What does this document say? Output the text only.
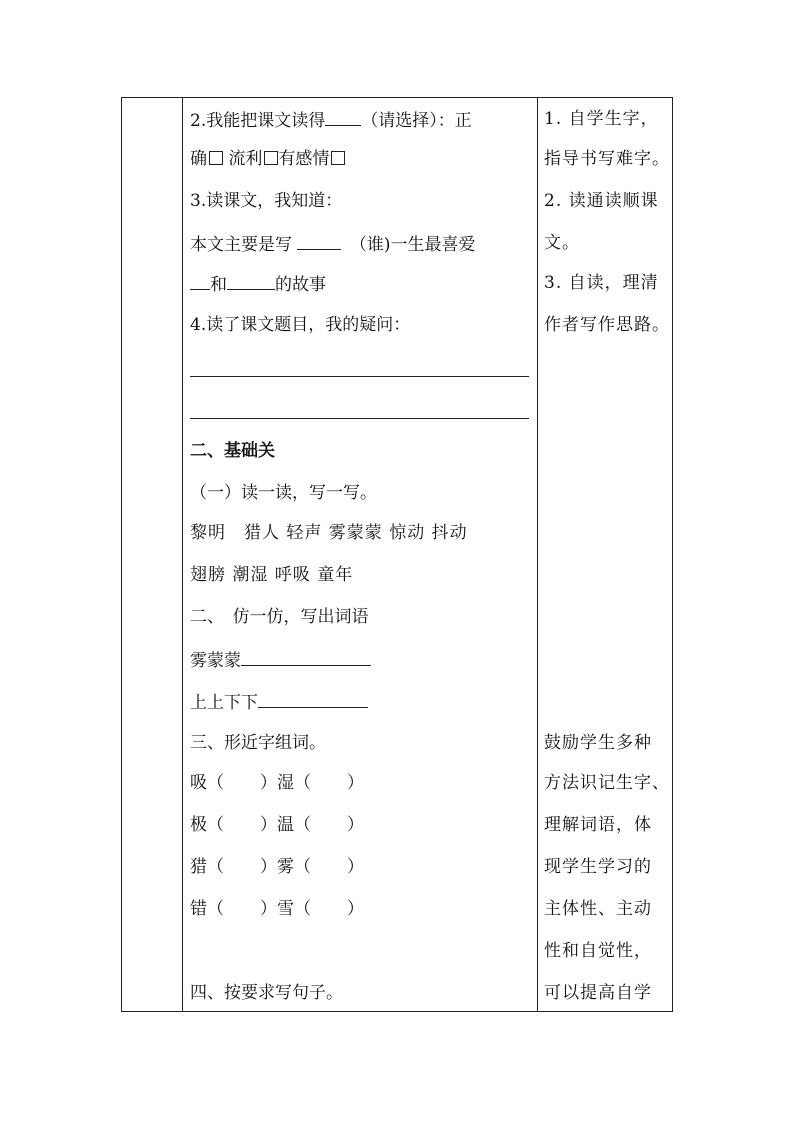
2.我能把课文读得 （请选择）：正
确 流利 有感情
3.读课文，我知道：
本文主要是写 　	（谁)一生最喜爱
和	的故事
4.读了课文题目，我的疑问：
二、基础关
（一）读一读，写一写。
黎明　猎人 轻声 雾蒙蒙 惊动 抖动
翅膀 潮湿 呼吸 童年
二、　仿一仿，写出词语
雾蒙蒙
上上下下
三、形近字组词。
吸（ ）湿（ ）
极（ ）温（ ）
猎（ ）雾（ ）
错（ ）雪（ ）
四、按要求写句子。
1. 自学生字，
指导书写难字。
2. 读通读顺课
文。
3. 自读，理清
作者写作思路。
鼓励学生多种
方法识记生字、
理解词语，体
现学生学习的
主体性、主动
性和自觉性，
可以提高自学
